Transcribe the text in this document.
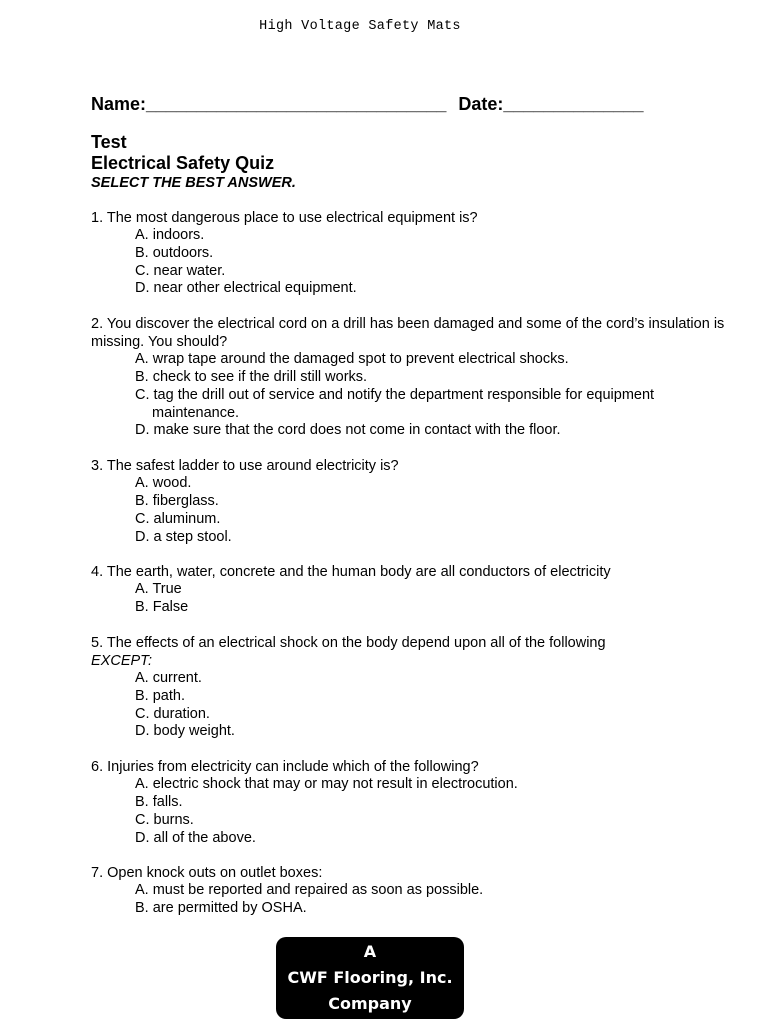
High Voltage Safety Mats
Name:______________________________ Date:______________
Test
Electrical Safety Quiz
SELECT THE BEST ANSWER.
1. The most dangerous place to use electrical equipment is?
A. indoors.
B. outdoors.
C. near water.
D. near other electrical equipment.
2. You discover the electrical cord on a drill has been damaged and some of the cord’s insulation is missing. You should?
A. wrap tape around the damaged spot to prevent electrical shocks.
B. check to see if the drill still works.
C. tag the drill out of service and notify the department responsible for equipment maintenance.
D. make sure that the cord does not come in contact with the floor.
3. The safest ladder to use around electricity is?
A. wood.
B. fiberglass.
C. aluminum.
D. a step stool.
4. The earth, water, concrete and the human body are all conductors of electricity
A. True
B. False
5. The effects of an electrical shock on the body depend upon all of the following
EXCEPT:
A. current.
B. path.
C. duration.
D. body weight.
6. Injuries from electricity can include which of the following?
A. electric shock that may or may not result in electrocution.
B. falls.
C. burns.
D. all of the above.
7. Open knock outs on outlet boxes:
A. must be reported and repaired as soon as possible.
B. are permitted by OSHA.
A
CWF Flooring, Inc.
Company
